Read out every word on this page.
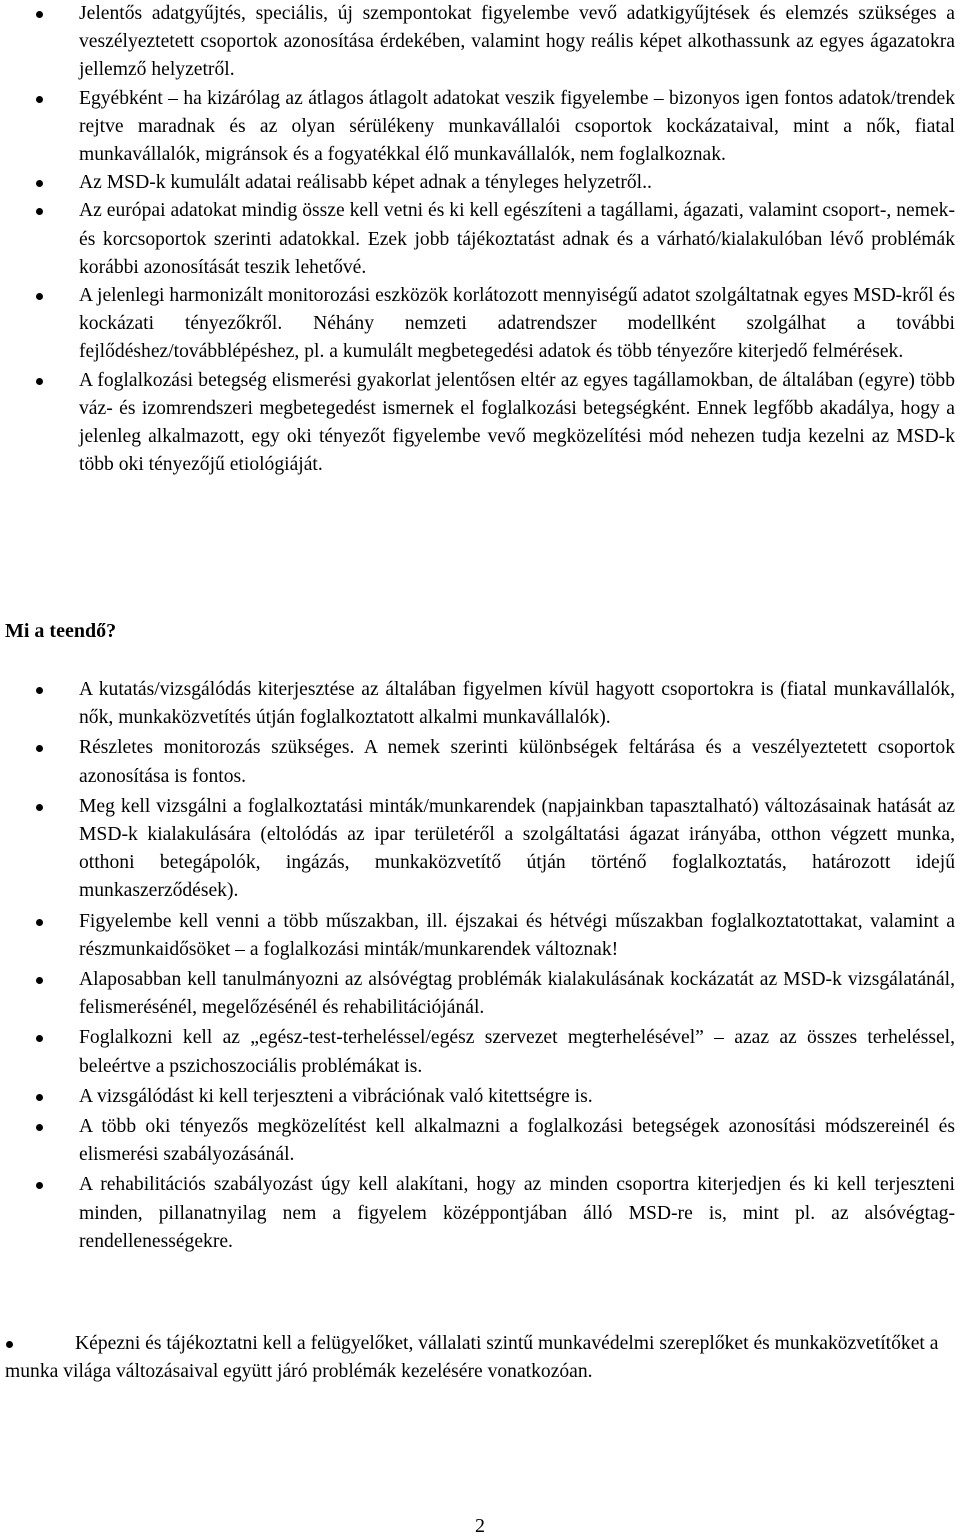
Jelentős adatgyűjtés, speciális, új szempontokat figyelembe vevő adatkigyűjtések és elemzés szükséges a veszélyeztetett csoportok azonosítása érdekében, valamint hogy reális képet alkothassunk az egyes ágazatokra jellemző helyzetről.
Egyébként – ha kizárólag az átlagos átlagolt adatokat veszik figyelembe – bizonyos igen fontos adatok/trendek rejtve maradnak és az olyan sérülékeny munkavállalói csoportok kockázataival, mint a nők, fiatal munkavállalók, migránsok és a fogyatékkal élő munkavállalók, nem foglalkoznak.
Az MSD-k kumulált adatai reálisabb képet adnak a tényleges helyzetről..
Az európai adatokat mindig össze kell vetni és ki kell egészíteni a tagállami, ágazati, valamint csoport-, nemek- és korcsoportok szerinti adatokkal. Ezek jobb tájékoztatást adnak és a várható/kialakulóban lévő problémák korábbi azonosítását teszik lehetővé.
A jelenlegi harmonizált monitorozási eszközök korlátozott mennyiségű adatot szolgáltatnak egyes MSD-kről és kockázati tényezőkről. Néhány nemzeti adatrendszer modellként szolgálhat a további fejlődéshez/továbblépéshez, pl. a kumulált megbetegedési adatok és több tényezőre kiterjedő felmérések.
A foglalkozási betegség elismerési gyakorlat jelentősen eltér az egyes tagállamokban, de általában (egyre) több váz- és izomrendszeri megbetegedést ismernek el foglalkozási betegségként. Ennek legfőbb akadálya, hogy a jelenleg alkalmazott, egy oki tényezőt figyelembe vevő megközelítési mód nehezen tudja kezelni az MSD-k több oki tényezőjű etiológiáját.
Mi a teendő?
A kutatás/vizsgálódás kiterjesztése az általában figyelmen kívül hagyott csoportokra is (fiatal munkavállalók, nők, munkaközvetítés útján foglalkoztatott alkalmi munkavállalók).
Részletes monitorozás szükséges. A nemek szerinti különbségek feltárása és a veszélyeztetett csoportok azonosítása is fontos.
Meg kell vizsgálni a foglalkoztatási minták/munkarendek (napjainkban tapasztalható) változásainak hatását az MSD-k kialakulására (eltolódás az ipar területéről a szolgáltatási ágazat irányába, otthon végzett munka, otthoni betegápolók, ingázás, munkaközvetítő útján történő foglalkoztatás, határozott idejű munkaszerződések).
Figyelembe kell venni a több műszakban, ill. éjszakai és hétvégi műszakban foglalkoztatottakat, valamint a részmunkaidősöket – a foglalkozási minták/munkarendek változnak!
Alaposabban kell tanulmányozni az alsóvégtag problémák kialakulásának kockázatát az MSD-k vizsgálatánál, felismerésénél, megelőzésénél és rehabilitációjánál.
Foglalkozni kell az „egész-test-terheléssel/egész szervezet megterhelésével” – azaz az összes terheléssel, beleértve a pszichoszociális problémákat is.
A vizsgálódást ki kell terjeszteni a vibrációnak való kitettségre is.
A több oki tényezős megközelítést kell alkalmazni a foglalkozási betegségek azonosítási módszereinél és elismerési szabályozásánál.
A rehabilitációs szabályozást úgy kell alakítani, hogy az minden csoportra kiterjedjen és ki kell terjeszteni minden, pillanatnyilag nem a figyelem középpontjában álló MSD-re is, mint pl. az alsóvégtag-rendellenességekre.
Képezni és tájékoztatni kell a felügyelőket, vállalati szintű munkavédelmi szereplőket és munkaközvetítőket a munka világa változásaival együtt járó problémák kezelésére vonatkozóan.
2
